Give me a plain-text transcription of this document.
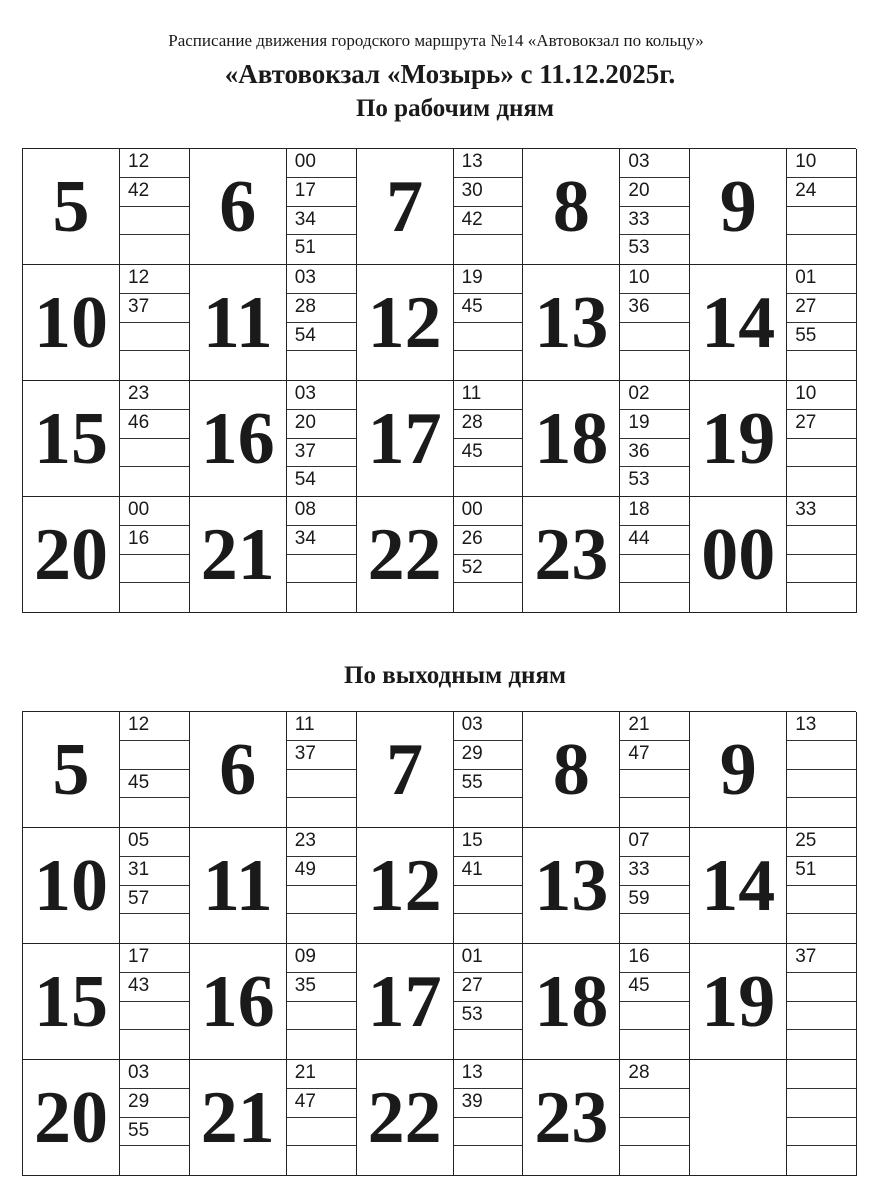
Расписание движения городского маршрута №14 «Автовокзал по кольцу»
«Автовокзал «Мозырь» с 11.12.2025г.
По рабочим дням
5
12
42 6
00
17
34
51
7
13
30
42 8
03
20
33
53
9
10
24
10
12
37 11
03
28
54 12
19
45 13
10
36 14
01
27
55
15
23
46 16
03
20
37
54
17
11
28
45 18
02
19
36
53
19
10
27
20
00
16 21
08
34 22
00
26
52 23
18
44 00
33
По выходным дням
5
12
45 6
11
37 7
03
29
55 8
21
47 9
13
10
05
31
57 11
23
49 12
15
41 13
07
33
59 14
25
51
15
17
43 16
09
35 17
01
27
53 18
16
45 19
37
20
03
29
55 21
21
47 22
13
39 23
28
